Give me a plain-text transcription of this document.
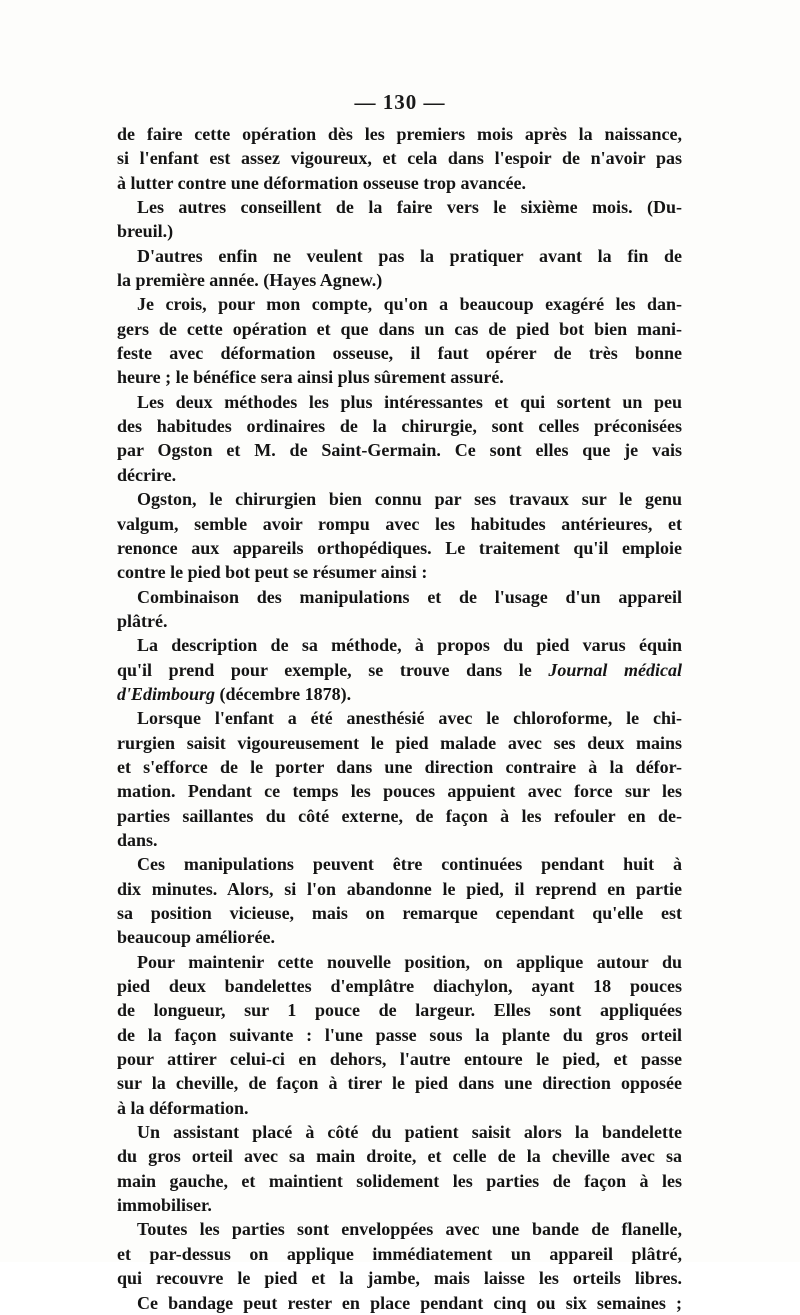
— 130 —
de faire cette opération dès les premiers mois après la naissance,
si l'enfant est assez vigoureux, et cela dans l'espoir de n'avoir pas
à lutter contre une déformation osseuse trop avancée.
Les autres conseillent de la faire vers le sixième mois. (Du-
breuil.)
D'autres enfin ne veulent pas la pratiquer avant la fin de
la première année. (Hayes Agnew.)
Je crois, pour mon compte, qu'on a beaucoup exagéré les dan-
gers de cette opération et que dans un cas de pied bot bien mani-
feste avec déformation osseuse, il faut opérer de très bonne
heure ; le bénéfice sera ainsi plus sûrement assuré.
Les deux méthodes les plus intéressantes et qui sortent un peu
des habitudes ordinaires de la chirurgie, sont celles préconisées
par Ogston et M. de Saint-Germain. Ce sont elles que je vais
décrire.
Ogston, le chirurgien bien connu par ses travaux sur le genu
valgum, semble avoir rompu avec les habitudes antérieures, et
renonce aux appareils orthopédiques. Le traitement qu'il emploie
contre le pied bot peut se résumer ainsi :
Combinaison des manipulations et de l'usage d'un appareil
plâtré.
La description de sa méthode, à propos du pied varus équin
qu'il prend pour exemple, se trouve dans le Journal médical
d'Edimbourg (décembre 1878).
Lorsque l'enfant a été anesthésié avec le chloroforme, le chi-
rurgien saisit vigoureusement le pied malade avec ses deux mains
et s'efforce de le porter dans une direction contraire à la défor-
mation. Pendant ce temps les pouces appuient avec force sur les
parties saillantes du côté externe, de façon à les refouler en de-
dans.
Ces manipulations peuvent être continuées pendant huit à
dix minutes. Alors, si l'on abandonne le pied, il reprend en partie
sa position vicieuse, mais on remarque cependant qu'elle est
beaucoup améliorée.
Pour maintenir cette nouvelle position, on applique autour du
pied deux bandelettes d'emplâtre diachylon, ayant 18 pouces
de longueur, sur 1 pouce de largeur. Elles sont appliquées
de la façon suivante : l'une passe sous la plante du gros orteil
pour attirer celui-ci en dehors, l'autre entoure le pied, et passe
sur la cheville, de façon à tirer le pied dans une direction opposée
à la déformation.
Un assistant placé à côté du patient saisit alors la bandelette
du gros orteil avec sa main droite, et celle de la cheville avec sa
main gauche, et maintient solidement les parties de façon à les
immobiliser.
Toutes les parties sont enveloppées avec une bande de flanelle,
et par-dessus on applique immédiatement un appareil plâtré,
qui recouvre le pied et la jambe, mais laisse les orteils libres.
Ce bandage peut rester en place pendant cinq ou six semaines ;
